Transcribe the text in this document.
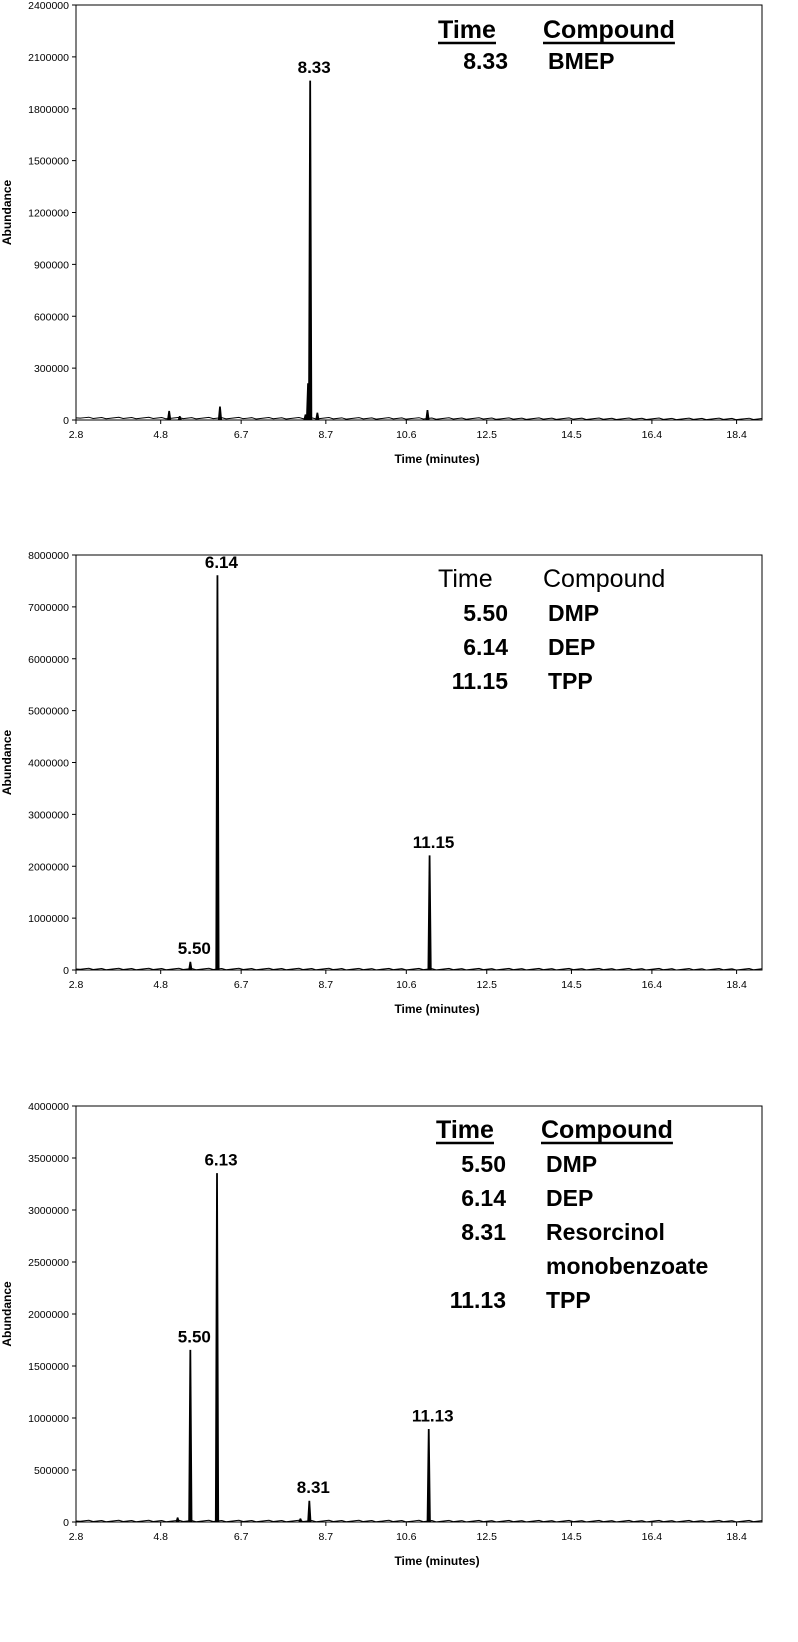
0
300000
600000
900000
1200000
1500000
1800000
2100000
2400000
2.8	4.8	6.7	8.7	10.6	12.5	14.5	16.4	18.4
Time (minutes)
Abundance
8.33
Time Compound
8.33 BMEP
0
1000000
2000000
3000000
4000000
5000000
6000000
7000000
8000000
2.8	4.8	6.7	8.7	10.6	12.5	14.5	16.4	18.4
Time (minutes)
Abundance
6.14
5.50
11.15
Time Compound
5.50 DMP
6.14 DEP
11.15 TPP
0
500000
1000000
1500000
2000000
2500000
3000000
3500000
4000000
2.8	4.8	6.7	8.7	10.6	12.5	14.5	16.4	18.4
Time (minutes)
Abundance
6.13
5.50
8.31
11.13
Time Compound
5.50 DMP
6.14 DEP
8.31 Resorcinol
monobenzoate
11.13 TPP
